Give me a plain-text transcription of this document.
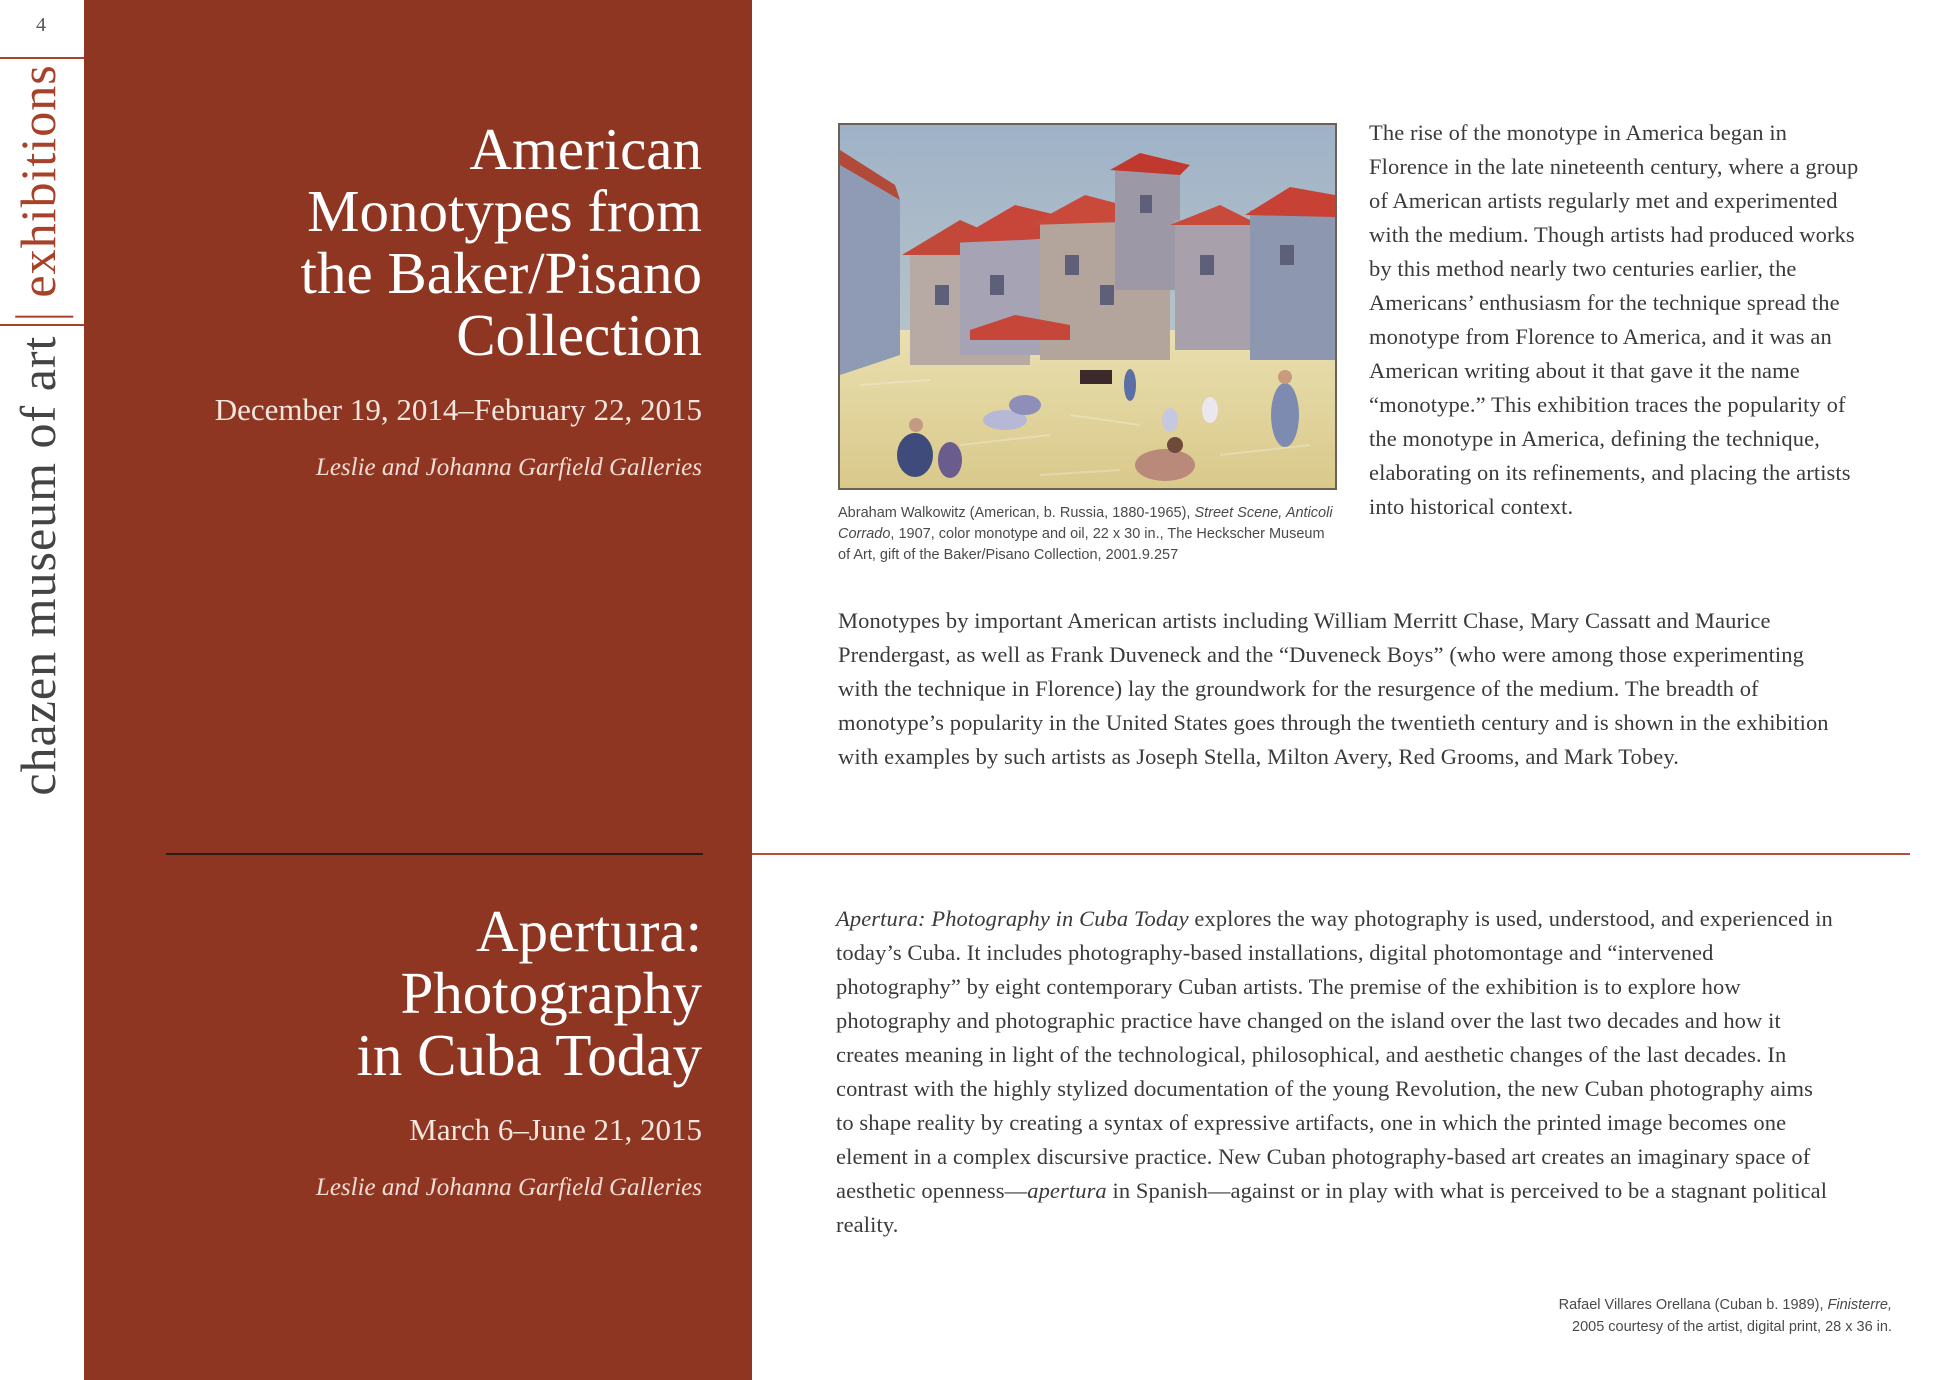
4
chazen museum of artexhibitions	American
Monotypes from
the Baker/Pisano
Collection
December 19, 2014–February 22, 2015
Leslie and Johanna Garfield Galleries
Apertura:
Photography
in Cuba Today
March 6–June 21, 2015
Leslie and Johanna Garfield Galleries
Abraham Walkowitz (American, b. Russia, 1880-1965), Street Scene, Anticoli Corrado, 1907, color monotype and oil, 22 x 30 in., The Heckscher Museum of Art, gift of the Baker/Pisano Collection, 2001.9.257

The rise of the monotype in America began in Florence in the late nineteenth century, where a group of American artists regularly met and experimented with the medium. Though artists had produced works by this method nearly two centuries earlier, the Americans’ enthusiasm for the technique spread the monotype from Florence to America, and it was an American writing about it that gave it the name “monotype.” This exhibition traces the popularity of the monotype in America, defining the technique, elaborating on its refinements, and placing the artists into historical context.

Monotypes by important American artists including William Merritt Chase, Mary Cassatt and Maurice Prendergast, as well as Frank Duveneck and the “Duveneck Boys” (who were among those experimenting with the technique in Florence) lay the groundwork for the resurgence of the medium. The breadth of monotype’s popularity in the United States goes through the twentieth century and is shown in the exhibition with examples by such artists as Joseph Stella, Milton Avery, Red Grooms, and Mark Tobey.

Apertura: Photography in Cuba Today explores the way photography is used, understood, and experienced in today’s Cuba. It includes photography-based installations, digital photomontage and “intervened photography” by eight contemporary Cuban artists. The premise of the exhibition is to explore how photography and photographic practice have changed on the island over the last two decades and how it creates meaning in light of the technological, philosophical, and aesthetic changes of the last decades. In contrast with the highly stylized documentation of the young Revolution, the new Cuban photography aims to shape reality by creating a syntax of expressive artifacts, one in which the printed image becomes one element in a complex discursive practice. New Cuban photography-based art creates an imaginary space of aesthetic openness—apertura in Spanish—against or in play with what is perceived to be a stagnant political reality.

Rafael Villares Orellana (Cuban b. 1989), Finisterre,
2005 courtesy of the artist, digital print, 28 x 36 in.
